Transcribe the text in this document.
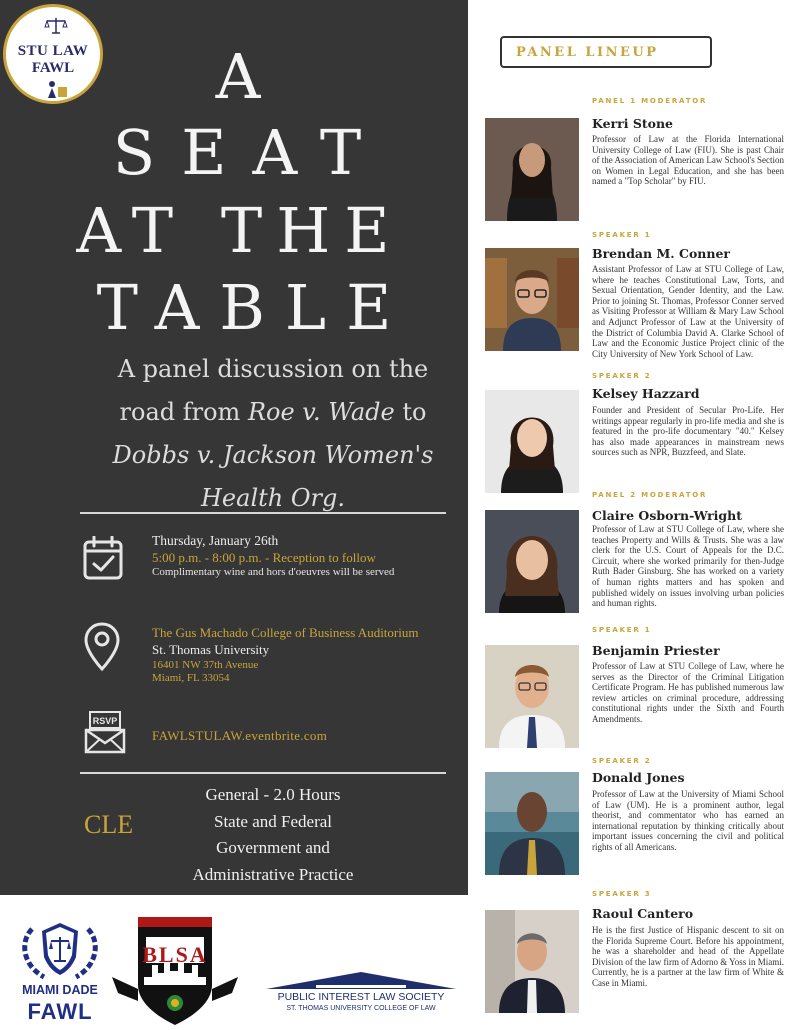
STU LAW
FAWL	A
SEAT
AT THE
TABLE
A panel discussion on the road from Roe v. Wade to Dobbs v. Jackson Women's Health Org.
Thursday, January 26th
5:00 p.m. - 8:00 p.m. - Reception to follow
Complimentary wine and hors d'oeuvres will be served
The Gus Machado College of Business Auditorium
St. Thomas University
16401 NW 37th Avenue
Miami, FL 33054
RSVP
FAWLSTULAW.eventbrite.com
CLE
General - 2.0 Hours
State and Federal
Government and
Administrative Practice
MIAMI DADE
FAWL
BLSA
PUBLIC INTEREST LAW SOCIETY
ST. THOMAS UNIVERSITY COLLEGE OF LAW
PANEL LINEUP
PANEL 1 MODERATOR
Kerri Stone
Professor of Law at the Florida International University College of Law (FIU). She is past Chair of the Association of American Law School's Section on Women in Legal Education, and she has been named a "Top Scholar" by FIU.
SPEAKER 1
Brendan M. Conner
Assistant Professor of Law at STU College of Law, where he teaches Constitutional Law, Torts, and Sexual Orientation, Gender Identity, and the Law. Prior to joining St. Thomas, Professor Conner served as Visiting Professor at William & Mary Law School and Adjunct Professor of Law at the University of the District of Columbia David A. Clarke School of Law and the Economic Justice Project clinic of the City University of New York School of Law.
SPEAKER 2
Kelsey Hazzard
Founder and President of Secular Pro-Life. Her writings appear regularly in pro-life media and she is featured in the pro-life documentary "40." Kelsey has also made appearances in mainstream news sources such as NPR, Buzzfeed, and Slate.
PANEL 2 MODERATOR
Claire Osborn-Wright
Professor of Law at STU College of Law, where she teaches Property and Wills & Trusts. She was a law clerk for the U.S. Court of Appeals for the D.C. Circuit, where she worked primarily for then-Judge Ruth Bader Ginsburg. She has worked on a variety of human rights matters and has spoken and published widely on issues involving urban policies and human rights.
SPEAKER 1
Benjamin Priester
Professor of Law at STU College of Law, where he serves as the Director of the Criminal Litigation Certificate Program. He has published numerous law review articles on criminal procedure, addressing constitutional rights under the Sixth and Fourth Amendments.
SPEAKER 2
Donald Jones
Professor of Law at the University of Miami School of Law (UM). He is a prominent author, legal theorist, and commentator who has earned an international reputation by thinking critically about important issues concerning the civil and political rights of all Americans.
SPEAKER 3
Raoul Cantero
He is the first Justice of Hispanic descent to sit on the Florida Supreme Court. Before his appointment, he was a shareholder and head of the Appellate Division of the law firm of Adorno & Yoss in Miami. Currently, he is a partner at the law firm of White & Case in Miami.
